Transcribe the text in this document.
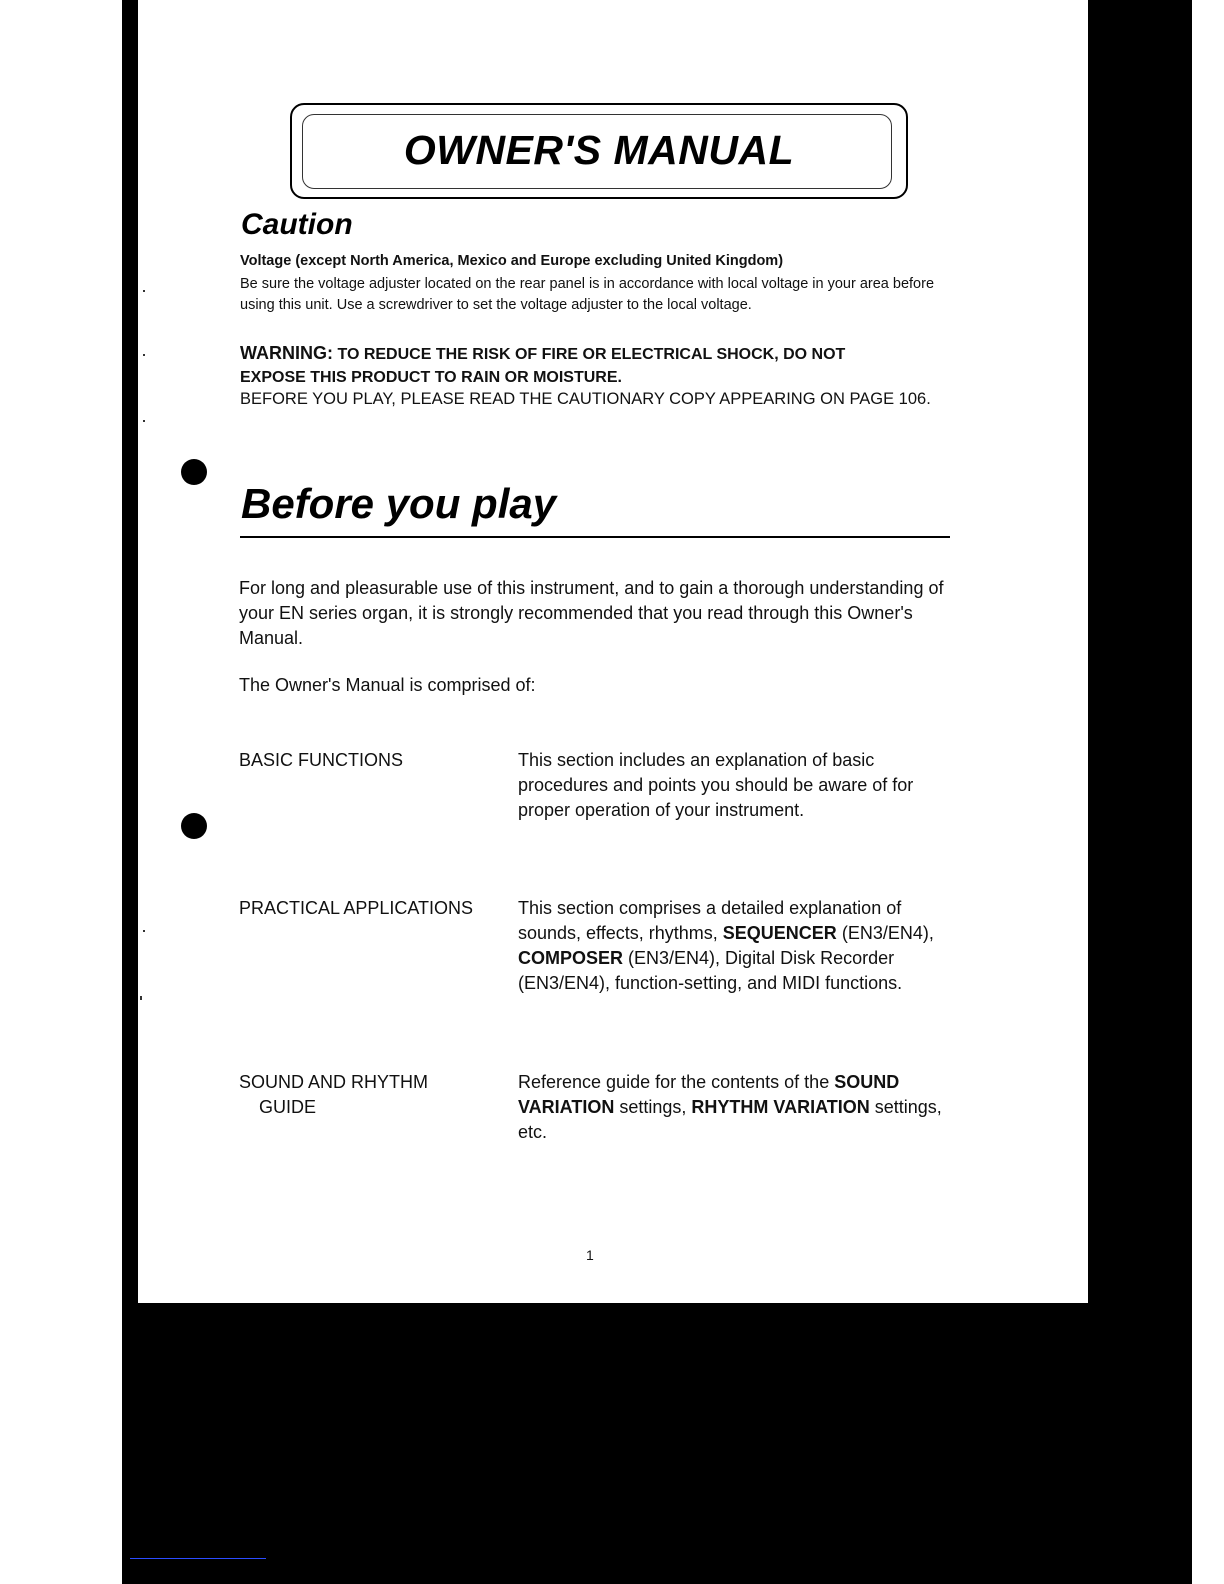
OWNER'S MANUAL
Caution
Voltage (except North America, Mexico and Europe excluding United Kingdom)
Be sure the voltage adjuster located on the rear panel is in accordance with local voltage in your area before using this unit. Use a screwdriver to set the voltage adjuster to the local voltage.
WARNING: TO REDUCE THE RISK OF FIRE OR ELECTRICAL SHOCK, DO NOT
EXPOSE THIS PRODUCT TO RAIN OR MOISTURE.
BEFORE YOU PLAY, PLEASE READ THE CAUTIONARY COPY APPEARING ON PAGE 106.
Before you play
For long and pleasurable use of this instrument, and to gain a thorough understanding of your EN series organ, it is strongly recommended that you read through this Owner's Manual.
The Owner's Manual is comprised of:
BASIC FUNCTIONS	This section includes an explanation of basic procedures and points you should be aware of for proper operation of your instrument.
PRACTICAL APPLICATIONS This section comprises a detailed explanation of sounds, effects, rhythms, SEQUENCER (EN3/EN4), COMPOSER (EN3/EN4), Digital Disk Recorder (EN3/EN4), function-setting, and MIDI functions.
SOUND AND RHYTHM
GUIDE
Reference guide for the contents of the SOUND VARIATION settings, RHYTHM VARIATION settings, etc.
1
